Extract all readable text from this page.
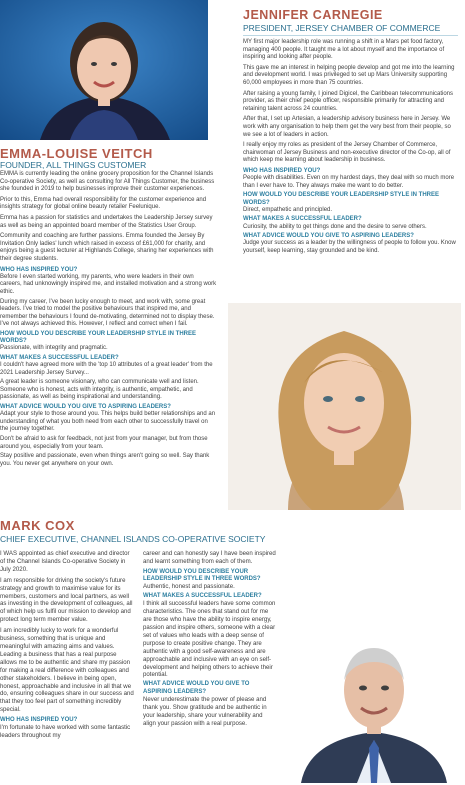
JENNIFER CARNEGIE
PRESIDENT, JERSEY CHAMBER OF COMMERCE

MY first major leadership role was running a shift in a Mars pet food factory, managing 400 people. It taught me a lot about myself and the importance of inspiring and looking after people.

This gave me an interest in helping people develop and got me into the learning and development world. I was privileged to set up Mars University supporting 60,000 employees in more than 75 countries.

After raising a young family, I joined Digicel, the Caribbean telecommunications provider, as their chief people officer, responsible primarily for attracting and retaining talent across 24 countries.

After that, I set up Artesian, a leadership advisory business here in Jersey. We work with any organisation to help them get the very best from their people, so we see a lot of leaders in action.

I really enjoy my roles as president of the Jersey Chamber of Commerce, chairwoman of Jersey Business and non-executive director of the Co-op, all of which keep me learning about leadership in business.

WHO HAS INSPIRED YOU?

People with disabilities. Even on my hardest days, they deal with so much more than I ever have to. They always make me want to do better.

HOW WOULD YOU DESCRIBE YOUR LEADERSHIP STYLE IN THREE WORDS?

Direct, empathetic and principled.

WHAT MAKES A SUCCESSFUL LEADER?

Curiosity, the ability to get things done and the desire to serve others.

WHAT ADVICE WOULD YOU GIVE TO ASPIRING LEADERS?

Judge your success as a leader by the willingness of people to follow you. Know yourself, keep learning, stay grounded and be kind.

EMMA-LOUISE VEITCH
FOUNDER, ALL THINGS CUSTOMER

EMMA is currently leading the online grocery proposition for the Channel Islands Co-operative Society, as well as consulting for All Things Customer, the business she founded in 2019 to help businesses improve their customer experiences.

Prior to this, Emma had overall responsibility for the customer experience and insights strategy for global online beauty retailer Feelunique.

Emma has a passion for statistics and undertakes the Leadership Jersey survey as well as being an appointed board member of the Statistics User Group.

Community and coaching are further passions. Emma founded the Jersey By Invitation Only ladies' lunch which raised in excess of £61,000 for charity, and enjoys being a guest lecturer at Highlands College, sharing her experiences with their degree students.

WHO HAS INSPIRED YOU?

Before I even started working, my parents, who were leaders in their own careers, had unknowingly inspired me, and installed motivation and a strong work ethic.

During my career, I've been lucky enough to meet, and work with, some great leaders. I've tried to model the positive behaviours that inspired me, and remember the behaviours I found de-motivating, determined not to display these. I've not always achieved this. However, I reflect and correct when I fail.

HOW WOULD YOU DESCRIBE YOUR LEADERSHIP STYLE IN THREE WORDS?

Passionate, with integrity and pragmatic.

WHAT MAKES A SUCCESSFUL LEADER?

I couldn't have agreed more with the 'top 10 attributes of a great leader' from the 2021 Leadership Jersey Survey...

A great leader is someone visionary, who can communicate well and listen. Someone who is honest, acts with integrity, is authentic, empathetic, and passionate, as well as being inspirational and understanding.

WHAT ADVICE WOULD YOU GIVE TO ASPIRING LEADERS?

Adapt your style to those around you. This helps build better relationships and an understanding of what you both need from each other to successfully travel on the journey together.

Don't be afraid to ask for feedback, not just from your manager, but from those around you, especially from your team.

Stay positive and passionate, even when things aren't going so well. Say thank you. You never get anywhere on your own.

MARK COX
CHIEF EXECUTIVE, CHANNEL ISLANDS CO-OPERATIVE SOCIETY

I WAS appointed as chief executive and director of the Channel Islands Co-operative Society in July 2020.

I am responsible for driving the society's future strategy and growth to maximise value for its members, customers and local partners, as well as investing in the development of colleagues, all of which help us fulfil our mission to develop and protect long term member value.

I am incredibly lucky to work for a wonderful business, something that is unique and meaningful with amazing aims and values. Leading a business that has a real purpose allows me to be authentic and share my passion for making a real difference with colleagues and other stakeholders. I believe in being open, honest, approachable and inclusive in all that we do, ensuring colleagues share in our success and that they too feel part of something incredibly special.

WHO HAS INSPIRED YOU?

I'm fortunate to have worked with some fantastic leaders throughout my

career and can honestly say I have been inspired and learnt something from each of them.

HOW WOULD YOU DESCRIBE YOUR LEADERSHIP STYLE IN THREE WORDS?

Authentic, honest and passionate.

WHAT MAKES A SUCCESSFUL LEADER?

I think all successful leaders have some common characteristics. The ones that stand out for me are those who have the ability to inspire energy, passion and inspire others, someone with a clear set of values who leads with a deep sense of purpose to create positive change. They are authentic with a good self-awareness and are approachable and inclusive with an eye on self-development and helping others to achieve their potential.

WHAT ADVICE WOULD YOU GIVE TO ASPIRING LEADERS?

Never underestimate the power of please and thank you. Show gratitude and be authentic in your leadership, share your vulnerability and align your passion with a real purpose.
